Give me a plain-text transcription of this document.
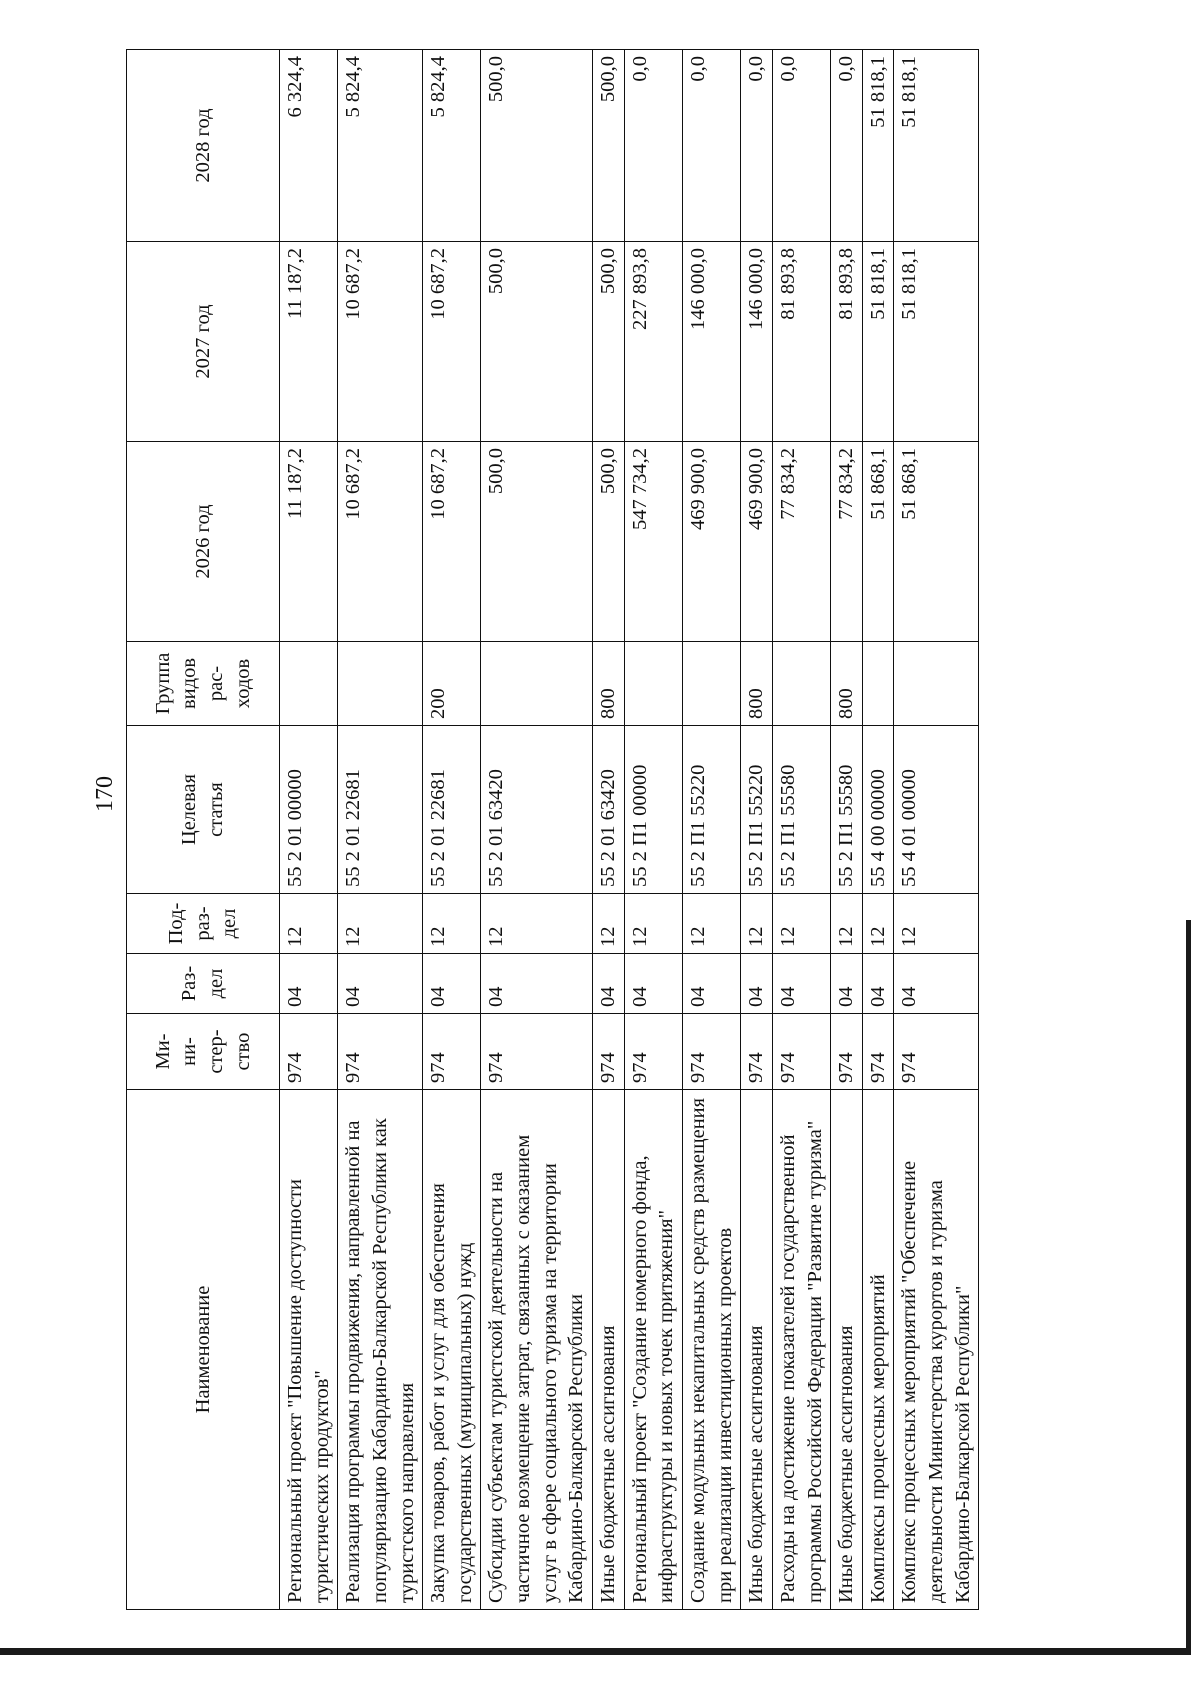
170
Наименование	Ми- ни- стер- ство	Раз- дел	Под- раз- дел	Целевая статья	Группа видов рас- ходов	2026 год	2027 год	2028 год
Региональный проект "Повышение доступности туристических продуктов"	974	04	12	55 2 01 00000		11 187,2	11 187,2	6 324,4
Реализация программы продвижения, направленной на популяризацию Кабардино-Балкарской Республики как туристского направления	974	04	12	55 2 01 22681		10 687,2	10 687,2	5 824,4
Закупка товаров, работ и услуг для обеспечения государственных (муниципальных) нужд	974	04	12	55 2 01 22681	200	10 687,2	10 687,2	5 824,4
Субсидии субъектам туристской деятельности на частичное возмещение затрат, связанных с оказанием услуг в сфере социального туризма на территории Кабардино-Балкарской Республики	974	04	12	55 2 01 63420		500,0	500,0	500,0
Иные бюджетные ассигнования	974	04	12	55 2 01 63420	800	500,0	500,0	500,0
Региональный проект "Создание номерного фонда, инфраструктуры и новых точек притяжения"	974	04	12	55 2 П1 00000		547 734,2	227 893,8	0,0
Создание модульных некапитальных средств размещения при реализации инвестиционных проектов	974	04	12	55 2 П1 55220		469 900,0	146 000,0	0,0
Иные бюджетные ассигнования	974	04	12	55 2 П1 55220	800	469 900,0	146 000,0	0,0
Расходы на достижение показателей государственной программы Российской Федерации "Развитие туризма"	974	04	12	55 2 П1 55580		77 834,2	81 893,8	0,0
Иные бюджетные ассигнования	974	04	12	55 2 П1 55580	800	77 834,2	81 893,8	0,0
Комплексы процессных мероприятий	974	04	12	55 4 00 00000		51 868,1	51 818,1	51 818,1
Комплекс процессных мероприятий "Обеспечение деятельности Министерства курортов и туризма Кабардино-Балкарской Республики"	974	04	12	55 4 01 00000		51 868,1	51 818,1	51 818,1
